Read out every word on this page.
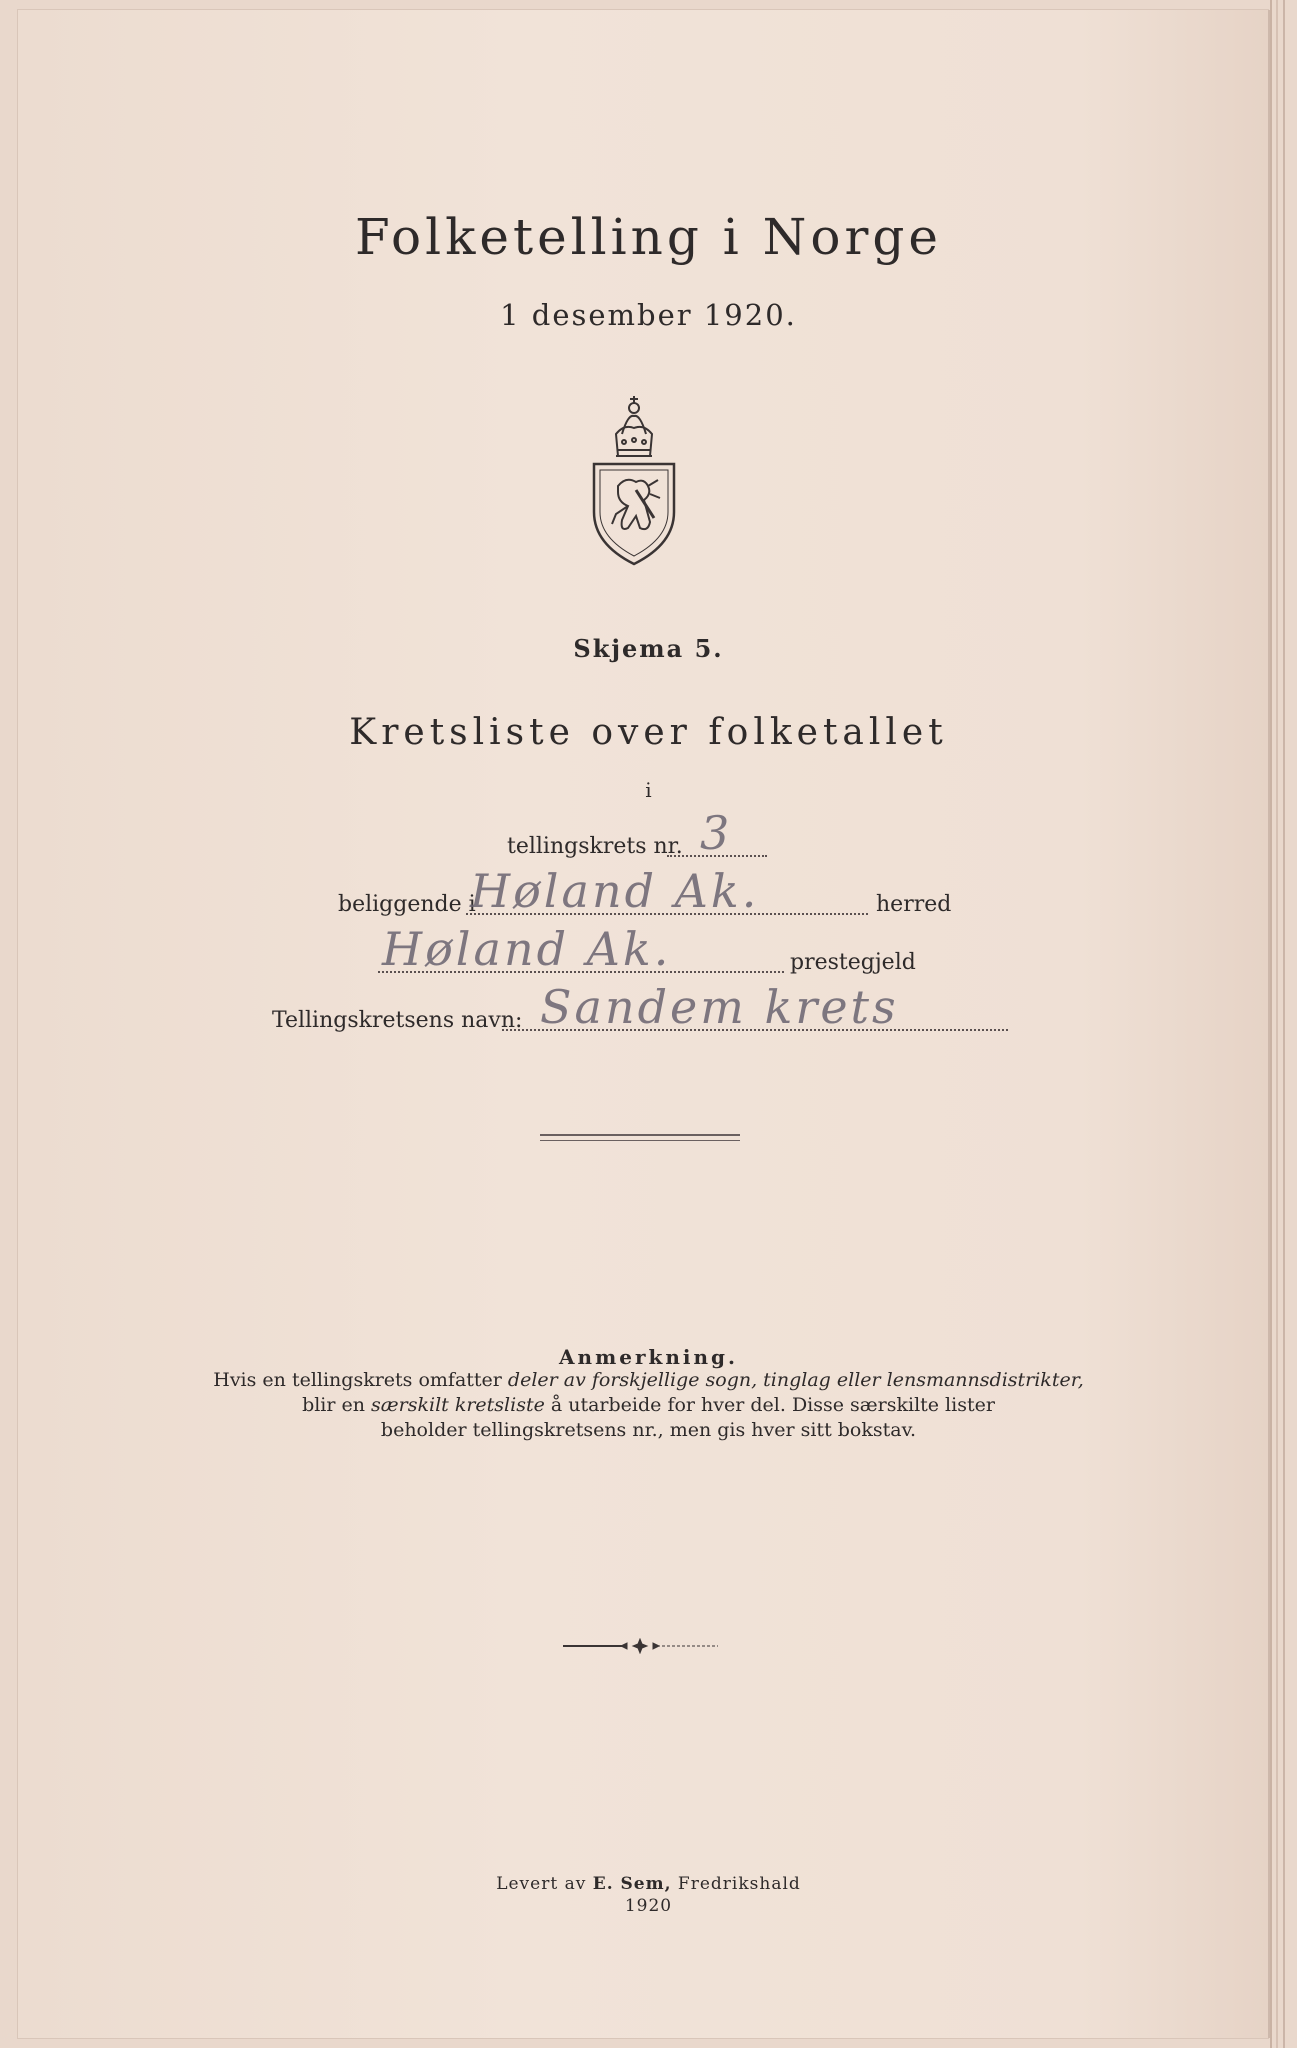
Folketelling i Norge
1 desember 1920.
Skjema 5.
Kretsliste over folketallet
i
tellingskrets nr. 3
beliggende i
Høland Ak.	herred
Høland Ak.	prestegjeld
Tellingskretsens navn: Sandem krets
Anmerkning.
Hvis en tellingskrets omfatter deler av forskjellige sogn, tinglag eller lensmannsdistrikter,
blir en særskilt kretsliste å utarbeide for hver del. Disse særskilte lister
beholder tellingskretsens nr., men gis hver sitt bokstav.
Levert av E. Sem, Fredrikshald
1920
